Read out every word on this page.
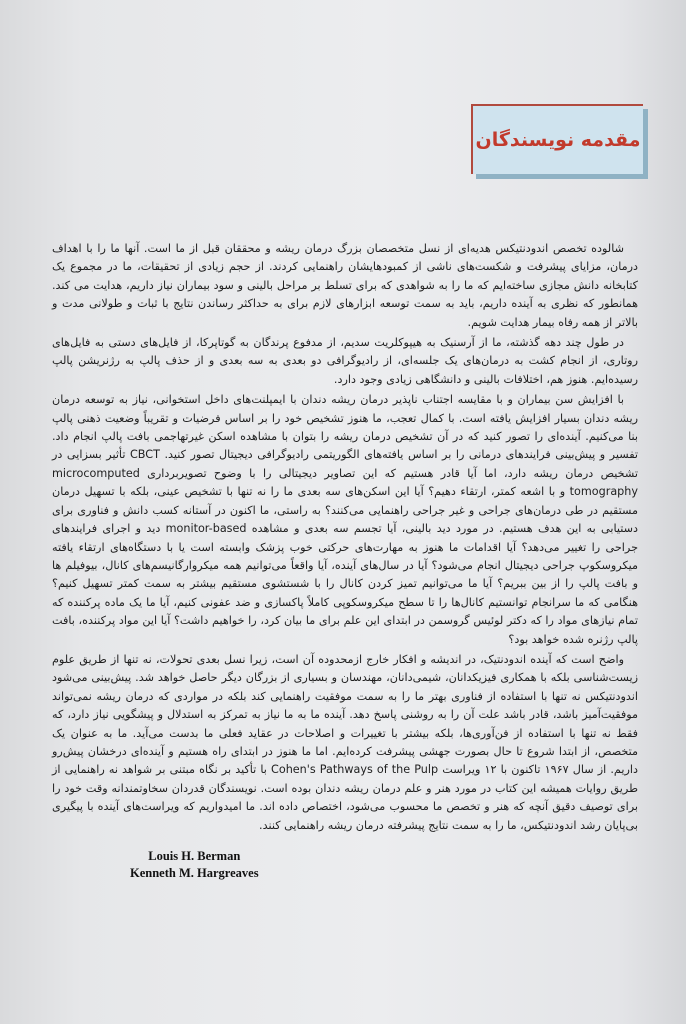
مقدمه نویسندگان

شالوده تخصص اندودنتیکس هدیه‌ای از نسل متخصصان بزرگ درمان ریشه و محققان قبل از ما است. آنها ما را با اهداف درمان، مزایای پیشرفت و شکست‌های ناشی از کمبودهایشان راهنمایی کردند. از حجم زیادی از تحقیقات، ما در مجموع یک کتابخانه دانش مجازی ساخته‌ایم که ما را به شواهدی که برای تسلط بر مراحل بالینی و سود بیماران نیاز داریم، هدایت می کند. همانطور که نظری به آینده داریم، باید به سمت توسعه ابزارهای لازم برای به حداکثر رساندن نتایج با ثبات و طولانی مدت و بالاتر از همه رفاه بیمار هدایت شویم.

در طول چند دهه گذشته، ما از آرسنیک به هیپوکلریت سدیم، از مدفوع پرندگان به گوتاپرکا، از فایل‌های دستی به فایل‌های روتاری، از انجام کشت به درمان‌های یک جلسه‌ای، از رادیوگرافی دو بعدی به سه بعدی و از حذف پالپ به رژنریشن پالپ رسیده‌ایم. هنوز هم، اختلافات بالینی و دانشگاهی زیادی وجود دارد.

با افزایش سن بیماران و با مقایسه اجتناب ناپذیر درمان ریشه دندان با ایمپلنت‌های داخل استخوانی، نیاز به توسعه درمان ریشه دندان بسیار افزایش یافته است. با کمال تعجب، ما هنوز تشخیص خود را بر اساس فرضیات و تقریباً وضعیت ذهنی پالپ بنا می‌کنیم. آینده‌ای را تصور کنید که در آن تشخیص درمان ریشه را بتوان با مشاهده اسکن غیرتهاجمی بافت پالپ انجام داد. تفسیر و پیش‌بینی فرایندهای درمانی را بر اساس یافته‌های الگوریتمی رادیوگرافی دیجیتال تصور کنید. CBCT تأثیر بسزایی در تشخیص درمان ریشه دارد، اما آیا قادر هستیم که این تصاویر دیجیتالی را با وضوح تصویربرداری microcomputed tomography و با اشعه کمتر، ارتقاء دهیم؟ آیا این اسکن‌های سه بعدی ما را نه تنها با تشخیص عینی، بلکه با تسهیل درمان مستقیم در طی درمان‌های جراحی و غیر جراحی راهنمایی می‌کنند؟ به راستی، ما اکنون در آستانه کسب دانش و فناوری برای دستیابی به این هدف هستیم. در مورد دید بالینی، آیا تجسم سه بعدی و مشاهده monitor-based دید و اجرای فرایندهای جراحی را تغییر می‌دهد؟ آیا اقدامات ما هنوز به مهارت‌های حرکتی خوب پزشک وابسته است یا با دستگاه‌های ارتقاء یافته میکروسکوپ جراحی دیجیتال انجام می‌شود؟ آیا در سال‌های آینده، آیا واقعاً می‌توانیم همه میکروارگانیسم‌های کانال، بیوفیلم ها و بافت پالپ را از بین ببریم؟ آیا ما می‌توانیم تمیز کردن کانال را با شستشوی مستقیم بیشتر به سمت کمتر تسهیل کنیم؟ هنگامی که ما سرانجام توانستیم کانال‌ها را تا سطح میکروسکوپی کاملاً پاکسازی و ضد عفونی کنیم، آیا ما یک ماده پرکننده که تمام نیازهای مواد را که دکتر لوئیس گروسمن در ابتدای این علم برای ما بیان کرد، را خواهیم داشت؟ آیا این مواد پرکننده، بافت پالپ رژنره شده خواهد بود؟

واضح است که آینده اندودنتیک، در اندیشه و افکار خارج ازمحدوده آن است، زیرا نسل بعدی تحولات، نه تنها از طریق علوم زیست‌شناسی بلکه با همکاری فیزیکدانان، شیمی‌دانان، مهندسان و بسیاری از بزرگان دیگر حاصل خواهد شد. پیش‌بینی می‌شود اندودنتیکس نه تنها با استفاده از فناوری بهتر ما را به سمت موفقیت راهنمایی کند بلکه در مواردی که درمان ریشه نمی‌تواند موفقیت‌آمیز باشد، قادر باشد علت آن را به روشنی پاسخ دهد. آینده ما به ما نیاز به تمرکز به استدلال و پیشگویی نیاز دارد، که فقط نه تنها با استفاده از فن‌آوری‌ها، بلکه بیشتر با تغییرات و اصلاحات در عقاید فعلی ما بدست می‌آید. ما به عنوان یک متخصص، از ابتدا شروع تا حال بصورت جهشی پیشرفت کرده‌ایم. اما ما هنوز در ابتدای راه هستیم و آینده‌ای درخشان پیش‌رو داریم. از سال ۱۹۶۷ تاکنون با ۱۲ ویراست Cohen's Pathways of the Pulp با تأکید بر نگاه مبتنی بر شواهد نه راهنمایی از طریق روایات همیشه این کتاب در مورد هنر و علم درمان ریشه دندان بوده است. نویسندگان قدردان سخاوتمندانه وقت خود را برای توصیف دقیق آنچه که هنر و تخصص ما محسوب می‌شود، اختصاص داده اند. ما امیدواریم که ویراست‌های آینده با پیگیری بی‌پایان رشد اندودنتیکس، ما را به سمت نتایج پیشرفته درمان ریشه راهنمایی کنند.

Louis H. Berman
Kenneth M. Hargreaves
